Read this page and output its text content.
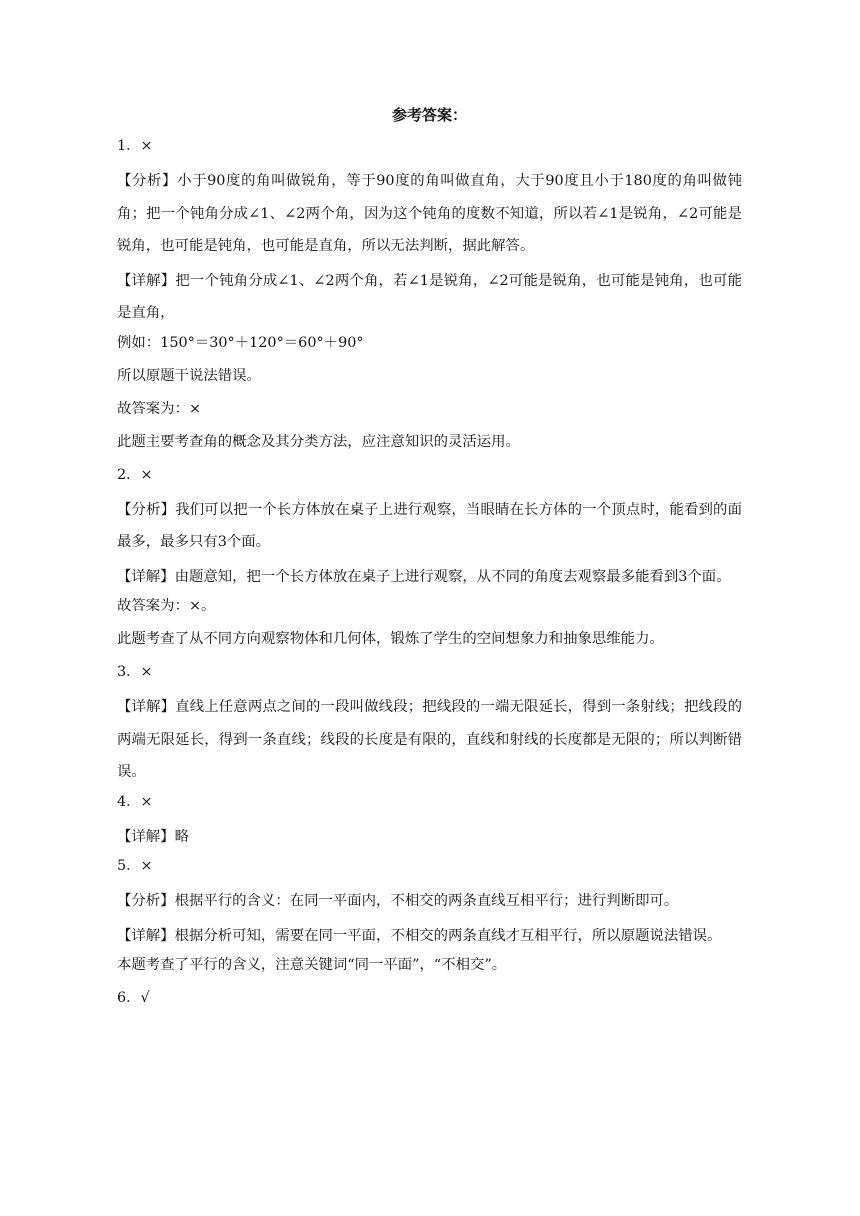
参考答案：
1．×
【分析】小于90度的角叫做锐角，等于90度的角叫做直角，大于90度且小于180度的角叫做钝角；把一个钝角分成∠1、∠2两个角，因为这个钝角的度数不知道，所以若∠1是锐角，∠2可能是锐角，也可能是钝角，也可能是直角，所以无法判断，据此解答。
【详解】把一个钝角分成∠1、∠2两个角，若∠1是锐角，∠2可能是锐角，也可能是钝角，也可能是直角，
例如：150°＝30°＋120°＝60°＋90°
所以原题干说法错误。
故答案为：×
此题主要考查角的概念及其分类方法，应注意知识的灵活运用。
2．×
【分析】我们可以把一个长方体放在桌子上进行观察，当眼睛在长方体的一个顶点时，能看到的面最多，最多只有3个面。
【详解】由题意知，把一个长方体放在桌子上进行观察，从不同的角度去观察最多能看到3个面。
故答案为：×。
此题考查了从不同方向观察物体和几何体，锻炼了学生的空间想象力和抽象思维能力。
3．×
【详解】直线上任意两点之间的一段叫做线段；把线段的一端无限延长，得到一条射线；把线段的两端无限延长，得到一条直线；线段的长度是有限的，直线和射线的长度都是无限的；所以判断错误。
4．×
【详解】略
5．×
【分析】根据平行的含义：在同一平面内，不相交的两条直线互相平行；进行判断即可。
【详解】根据分析可知，需要在同一平面，不相交的两条直线才互相平行，所以原题说法错误。
本题考查了平行的含义，注意关键词“同一平面”，“不相交”。
6．√
